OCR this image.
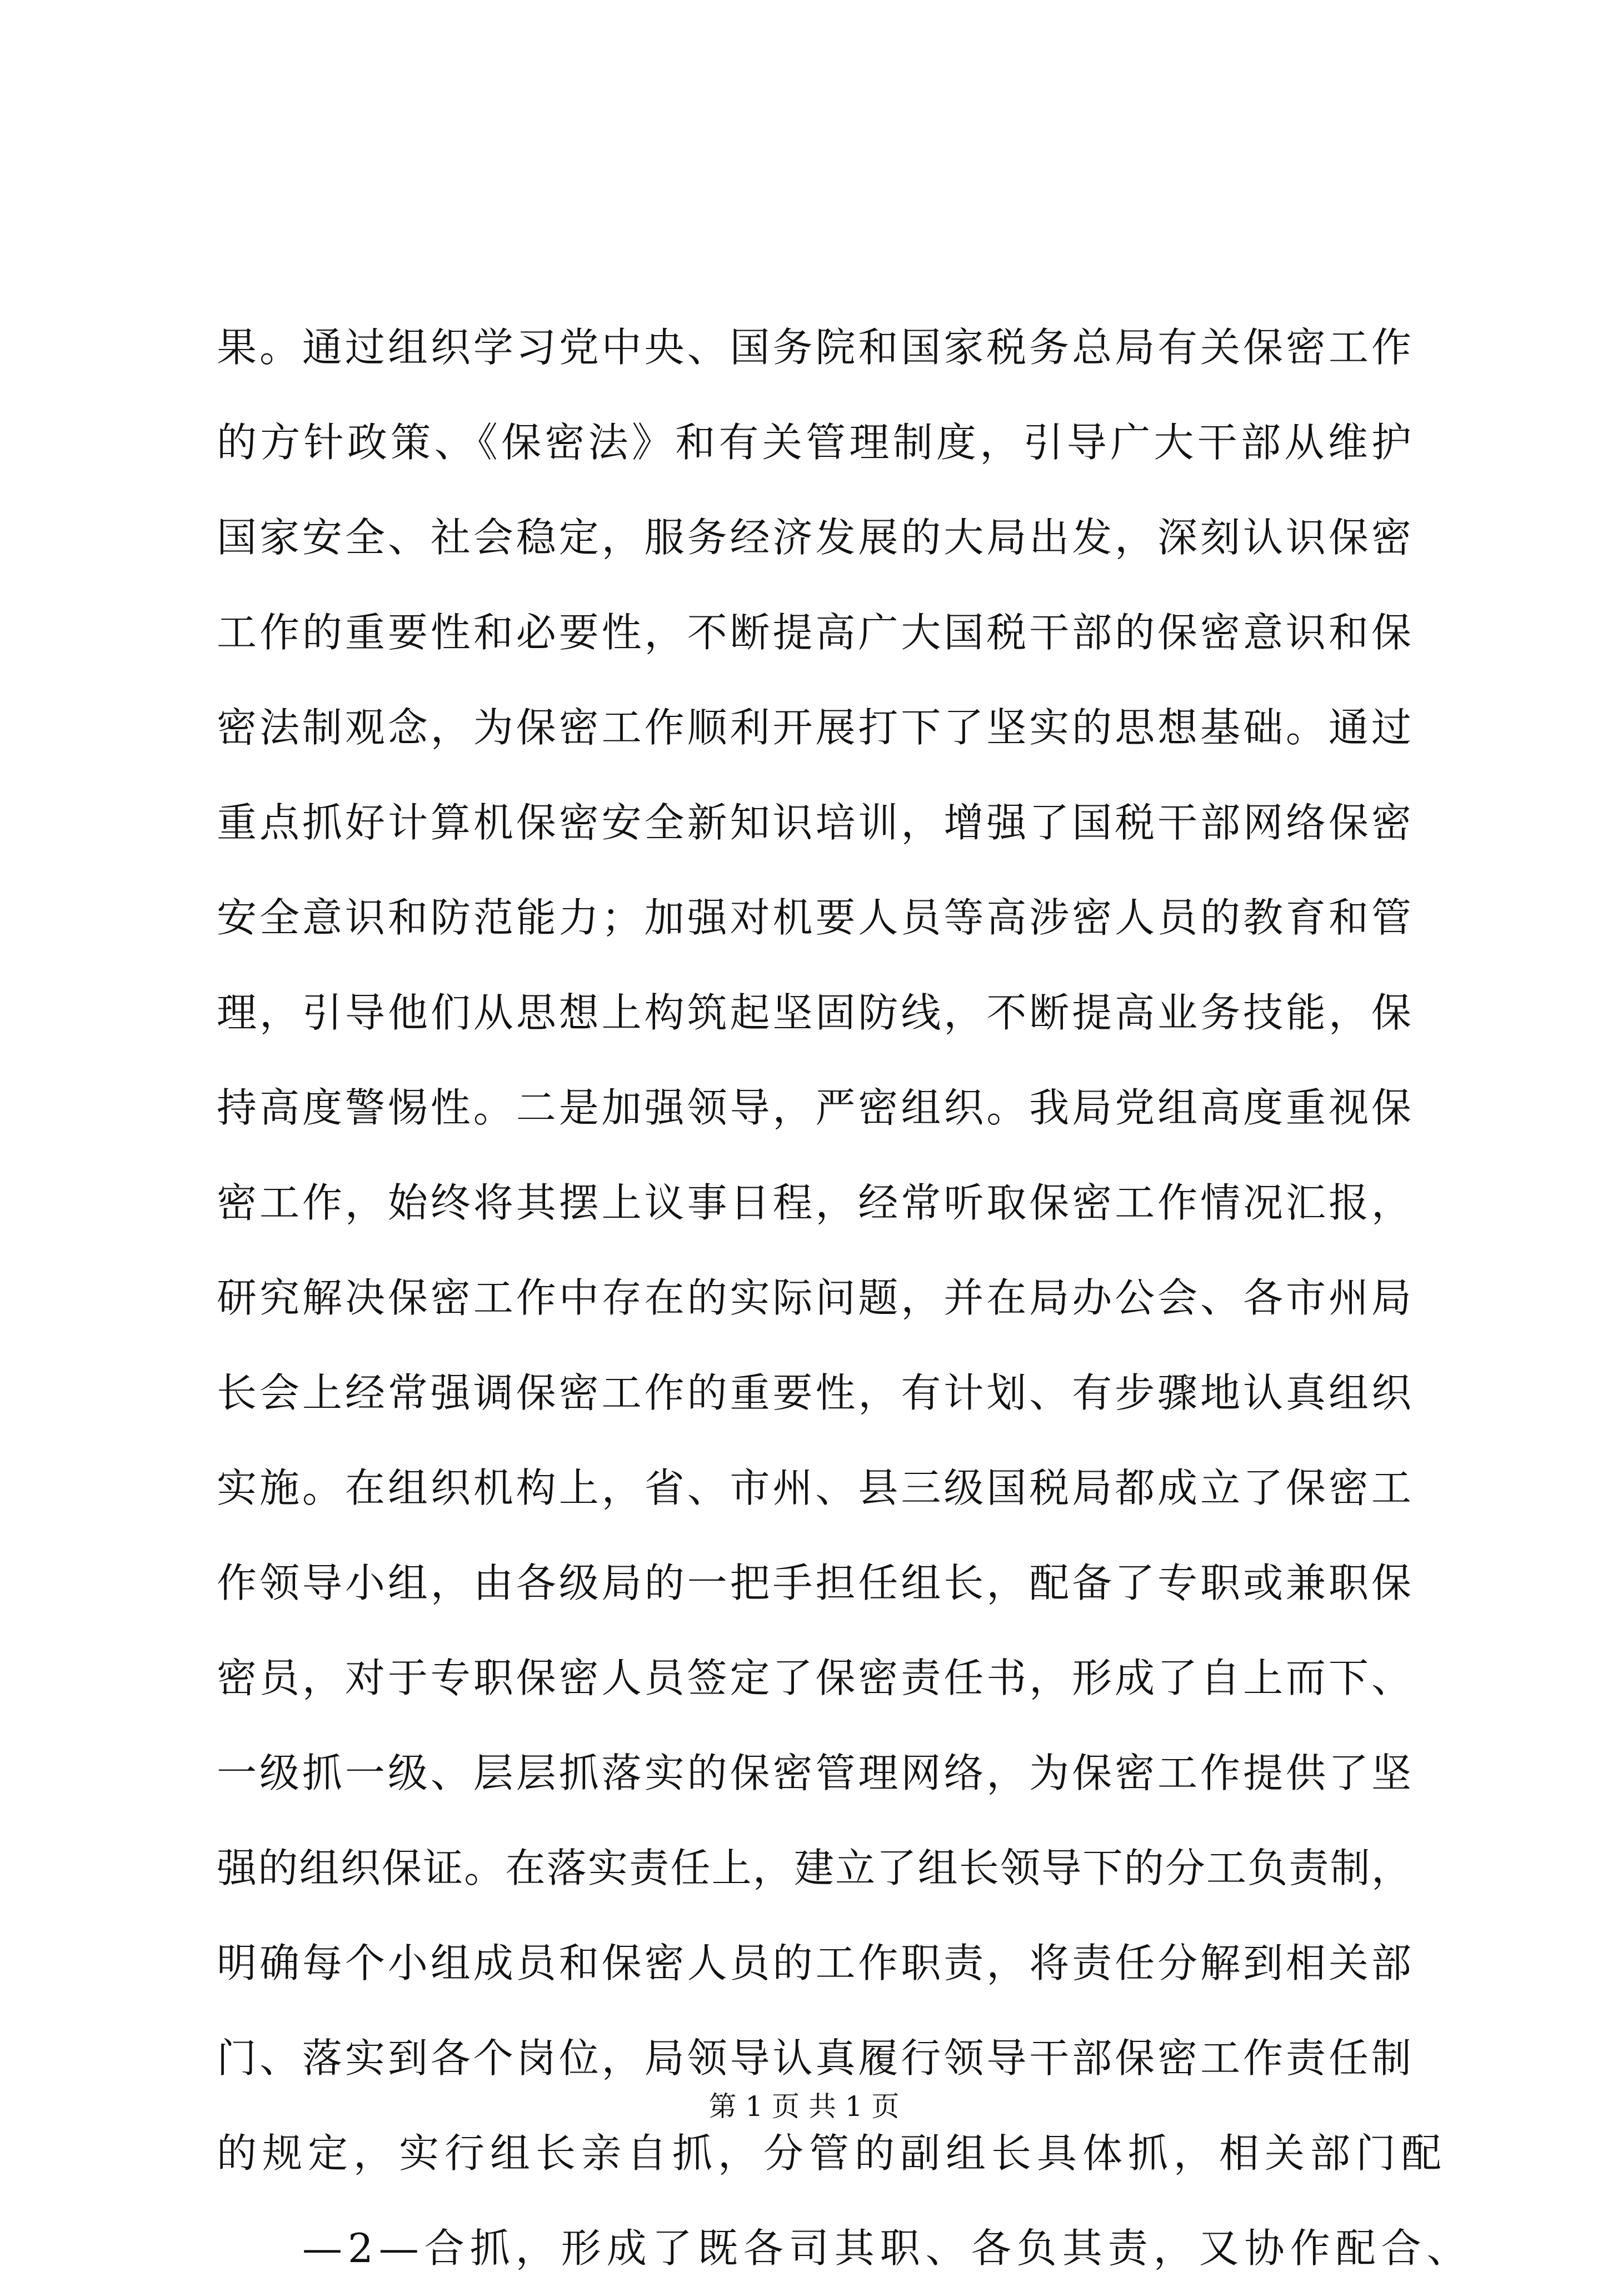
果。通过组织学习党中央、国务院和国家税务总局有关保密工作
的方针政策、《保密法》和有关管理制度，引导广大干部从维护
国家安全、社会稳定，服务经济发展的大局出发，深刻认识保密
工作的重要性和必要性，不断提高广大国税干部的保密意识和保
密法制观念，为保密工作顺利开展打下了坚实的思想基础。通过
重点抓好计算机保密安全新知识培训，增强了国税干部网络保密
安全意识和防范能力；加强对机要人员等高涉密人员的教育和管
理，引导他们从思想上构筑起坚固防线，不断提高业务技能，保
持高度警惕性。二是加强领导，严密组织。我局党组高度重视保
密工作，始终将其摆上议事日程，经常听取保密工作情况汇报，
研究解决保密工作中存在的实际问题，并在局办公会、各市州局
长会上经常强调保密工作的重要性，有计划、有步骤地认真组织
实施。在组织机构上，省、市州、县三级国税局都成立了保密工
作领导小组，由各级局的一把手担任组长，配备了专职或兼职保
密员，对于专职保密人员签定了保密责任书，形成了自上而下、
一级抓一级、层层抓落实的保密管理网络，为保密工作提供了坚
强的组织保证。在落实责任上，建立了组长领导下的分工负责制，
明确每个小组成员和保密人员的工作职责，将责任分解到相关部
门、落实到各个岗位，局领导认真履行领导干部保密工作责任制
的规定，实行组长亲自抓，分管的副组长具体抓，相关部门配
—2—合抓，形成了既各司其职、各负其责，又协作配合、
第 1 页 共 1 页
